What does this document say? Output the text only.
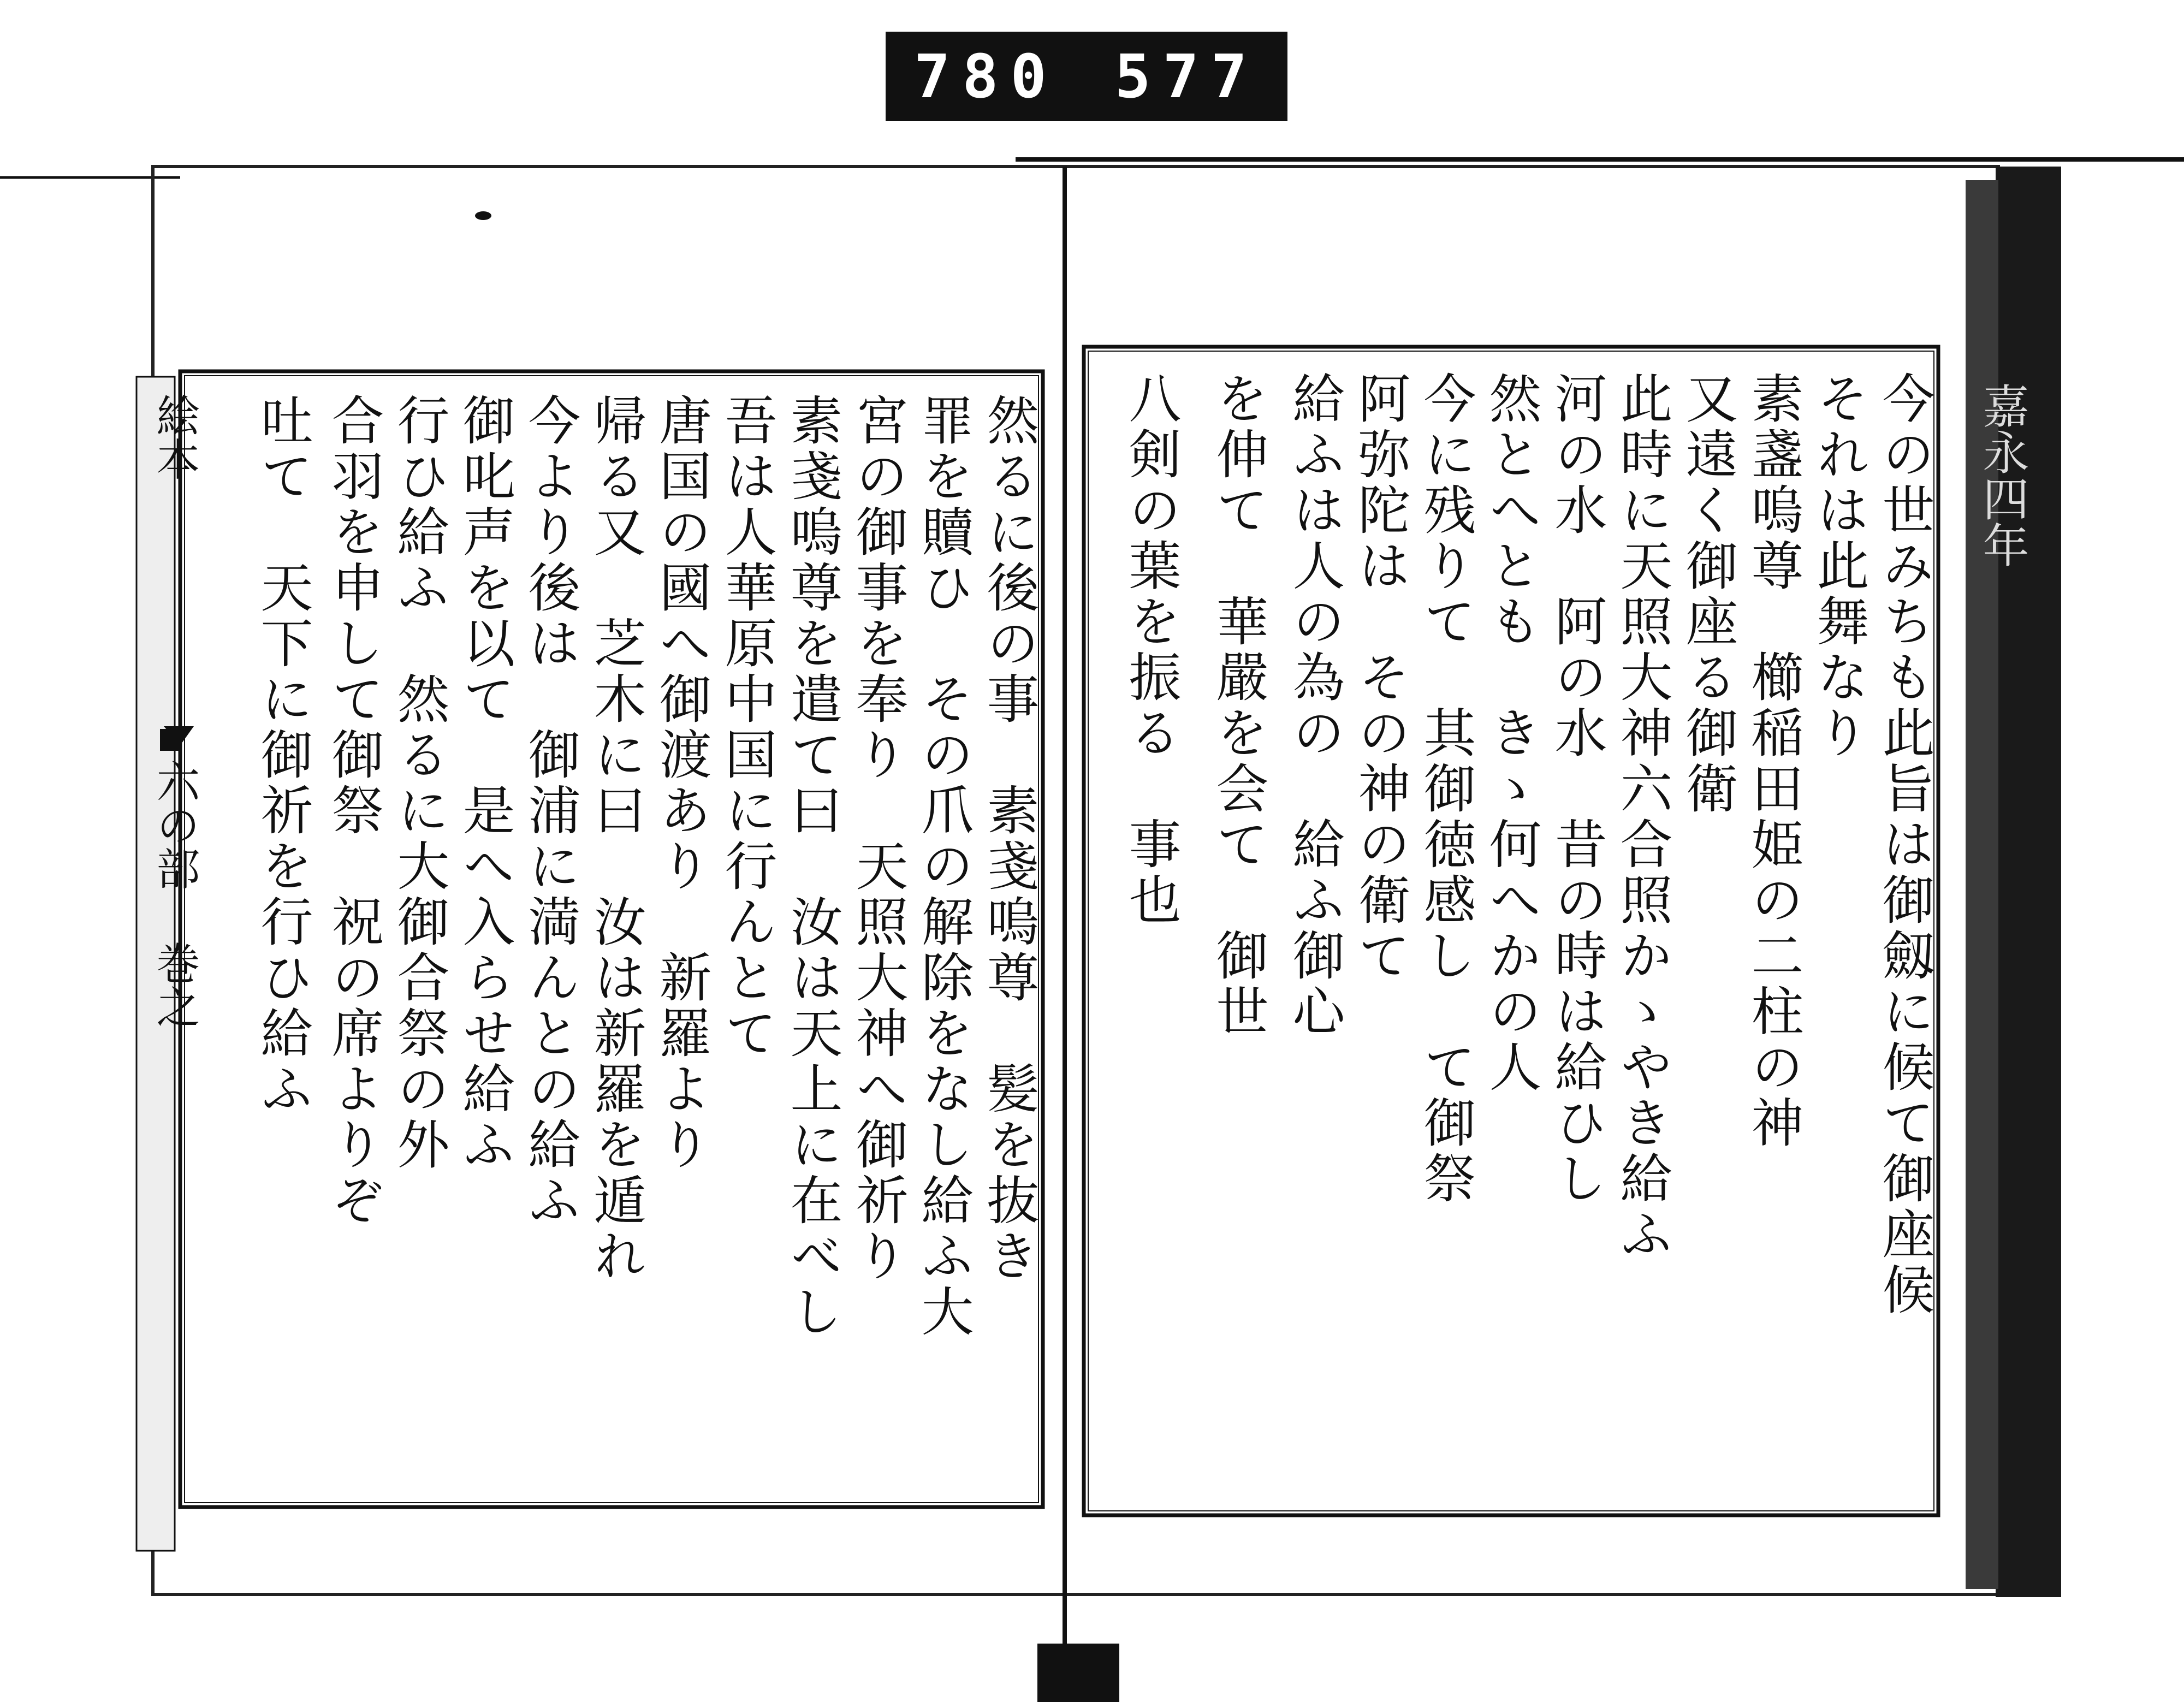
780 577
絵本
六の部 巻之
嘉永四年
然るに後の事　素戔嗚尊　髪を抜き
罪を贖ひ　その爪の解除をなし給ふ大
宮の御事を奉り　天照大神へ御祈り
素戔嗚尊を遣て曰　汝は天上に在べし
吾は人華原中国に行んとて
唐国の國へ御渡あり　新羅より
帰る又　芝木に曰　汝は新羅を遁れ
今より後は　御浦に満んとの給ふ
御叱声を以て　是へ入らせ給ふ
行ひ給ふ　然るに大御合祭の外
合羽を申して御祭　祝の席よりぞ
吐て　天下に御祈を行ひ給ふ	今の世みちも此旨は御劔に候て御座候
それは此舞なり
素盞嗚尊　櫛稲田姫の二柱の神
又遠く御座る御衛
此時に天照大神六合照かゝやき給ふ
河の水　阿の水　昔の時は給ひし
然とへとも　きゝ何へかの人
今に残りて　其御徳感し　て御祭
阿弥陀は　その神の衛て
給ふは人の為の　給ふ御心
を伸て　華嚴を会て　御世
八剣の葉を振る　事也
